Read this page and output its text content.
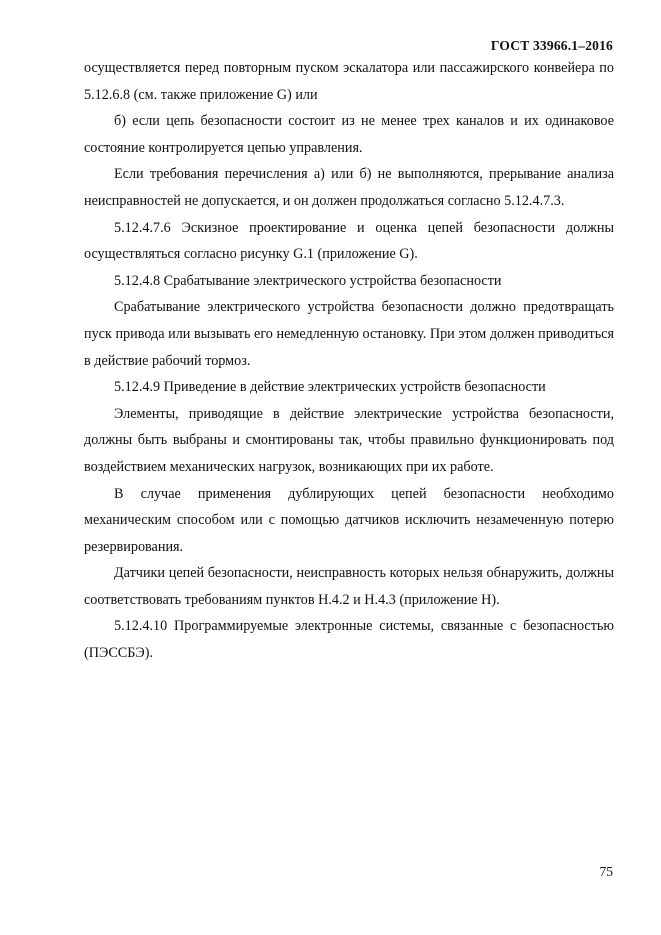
ГОСТ 33966.1–2016

осуществляется перед повторным пуском эскалатора или пассажирского конвейера по 5.12.6.8 (см. также приложение G) или

б) если цепь безопасности состоит из не менее трех каналов и их одинаковое состояние контролируется цепью управления.

Если требования перечисления а) или б) не выполняются, прерывание анализа неисправностей не допускается, и он должен продолжаться согласно 5.12.4.7.3.

5.12.4.7.6 Эскизное проектирование и оценка цепей безопасности должны осуществляться согласно рисунку G.1 (приложение G).

5.12.4.8 Срабатывание электрического устройства безопасности

Срабатывание электрического устройства безопасности должно предотвращать пуск привода или вызывать его немедленную остановку. При этом должен приводиться в действие рабочий тормоз.

5.12.4.9 Приведение в действие электрических устройств безопасности

Элементы, приводящие в действие электрические устройства безопасности, должны быть выбраны и смонтированы так, чтобы правильно функционировать под воздействием механических нагрузок, возникающих при их работе.

В случае применения дублирующих цепей безопасности необходимо механическим способом или с помощью датчиков исключить незамеченную потерю резервирования.

Датчики цепей безопасности, неисправность которых нельзя обнаружить, должны соответствовать требованиям пунктов H.4.2 и H.4.3 (приложение H).

5.12.4.10 Программируемые электронные системы, связанные с безопасностью (ПЭССБЭ).

75
